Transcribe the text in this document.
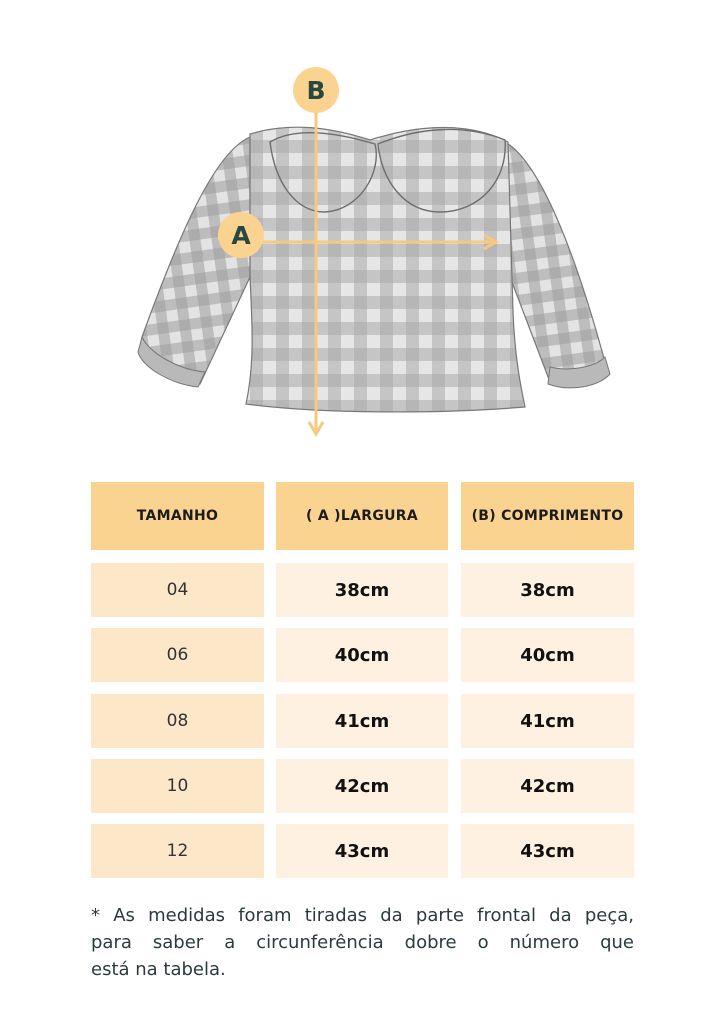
B
A
TAMANHO	( A )LARGURA	(B) COMPRIMENTO
04	38cm	38cm
06	40cm	40cm
08	41cm	41cm
10	42cm	42cm
12	43cm	43cm
* As medidas foram tiradas da parte frontal da peça,
para saber a circunferência dobre o número que
está na tabela.
